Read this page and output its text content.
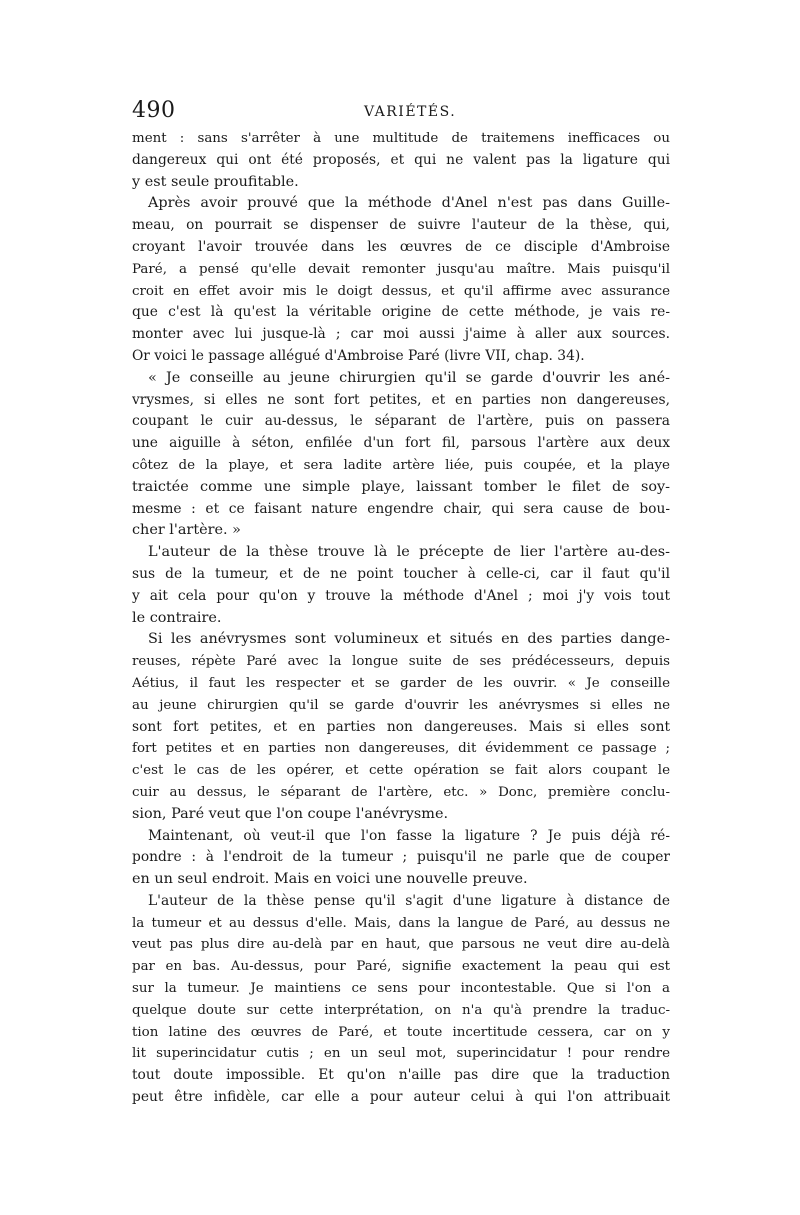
490	VARIÉTÉS.
ment : sans s'arrêter à une multitude de traitemens inefficaces ou
dangereux qui ont été proposés, et qui ne valent pas la ligature qui
y est seule proufitable.
Après avoir prouvé que la méthode d'Anel n'est pas dans Guille-
meau, on pourrait se dispenser de suivre l'auteur de la thèse, qui,
croyant l'avoir trouvée dans les œuvres de ce disciple d'Ambroise
Paré, a pensé qu'elle devait remonter jusqu'au maître. Mais puisqu'il
croit en effet avoir mis le doigt dessus, et qu'il affirme avec assurance
que c'est là qu'est la véritable origine de cette méthode, je vais re-
monter avec lui jusque-là ; car moi aussi j'aime à aller aux sources.
Or voici le passage allégué d'Ambroise Paré (livre VII, chap. 34).
« Je conseille au jeune chirurgien qu'il se garde d'ouvrir les ané-
vrysmes, si elles ne sont fort petites, et en parties non dangereuses,
coupant le cuir au-dessus, le séparant de l'artère, puis on passera
une aiguille à séton, enfilée d'un fort fil, parsous l'artère aux deux
côtez de la playe, et sera ladite artère liée, puis coupée, et la playe
traictée comme une simple playe, laissant tomber le filet de soy-
mesme : et ce faisant nature engendre chair, qui sera cause de bou-
cher l'artère. »
L'auteur de la thèse trouve là le précepte de lier l'artère au-des-
sus de la tumeur, et de ne point toucher à celle-ci, car il faut qu'il
y ait cela pour qu'on y trouve la méthode d'Anel ; moi j'y vois tout
le contraire.
Si les anévrysmes sont volumineux et situés en des parties dange-
reuses, répète Paré avec la longue suite de ses prédécesseurs, depuis
Aétius, il faut les respecter et se garder de les ouvrir. « Je conseille
au jeune chirurgien qu'il se garde d'ouvrir les anévrysmes si elles ne
sont fort petites, et en parties non dangereuses. Mais si elles sont
fort petites et en parties non dangereuses, dit évidemment ce passage ;
c'est le cas de les opérer, et cette opération se fait alors coupant le
cuir au dessus, le séparant de l'artère, etc. » Donc, première conclu-
sion, Paré veut que l'on coupe l'anévrysme.
Maintenant, où veut-il que l'on fasse la ligature ? Je puis déjà ré-
pondre : à l'endroit de la tumeur ; puisqu'il ne parle que de couper
en un seul endroit. Mais en voici une nouvelle preuve.
L'auteur de la thèse pense qu'il s'agit d'une ligature à distance de
la tumeur et au dessus d'elle. Mais, dans la langue de Paré, au dessus ne
veut pas plus dire au-delà par en haut, que parsous ne veut dire au-delà
par en bas. Au-dessus, pour Paré, signifie exactement la peau qui est
sur la tumeur. Je maintiens ce sens pour incontestable. Que si l'on a
quelque doute sur cette interprétation, on n'a qu'à prendre la traduc-
tion latine des œuvres de Paré, et toute incertitude cessera, car on y
lit superincidatur cutis ; en un seul mot, superincidatur ! pour rendre
tout doute impossible. Et qu'on n'aille pas dire que la traduction
peut être infidèle, car elle a pour auteur celui à qui l'on attribuait
